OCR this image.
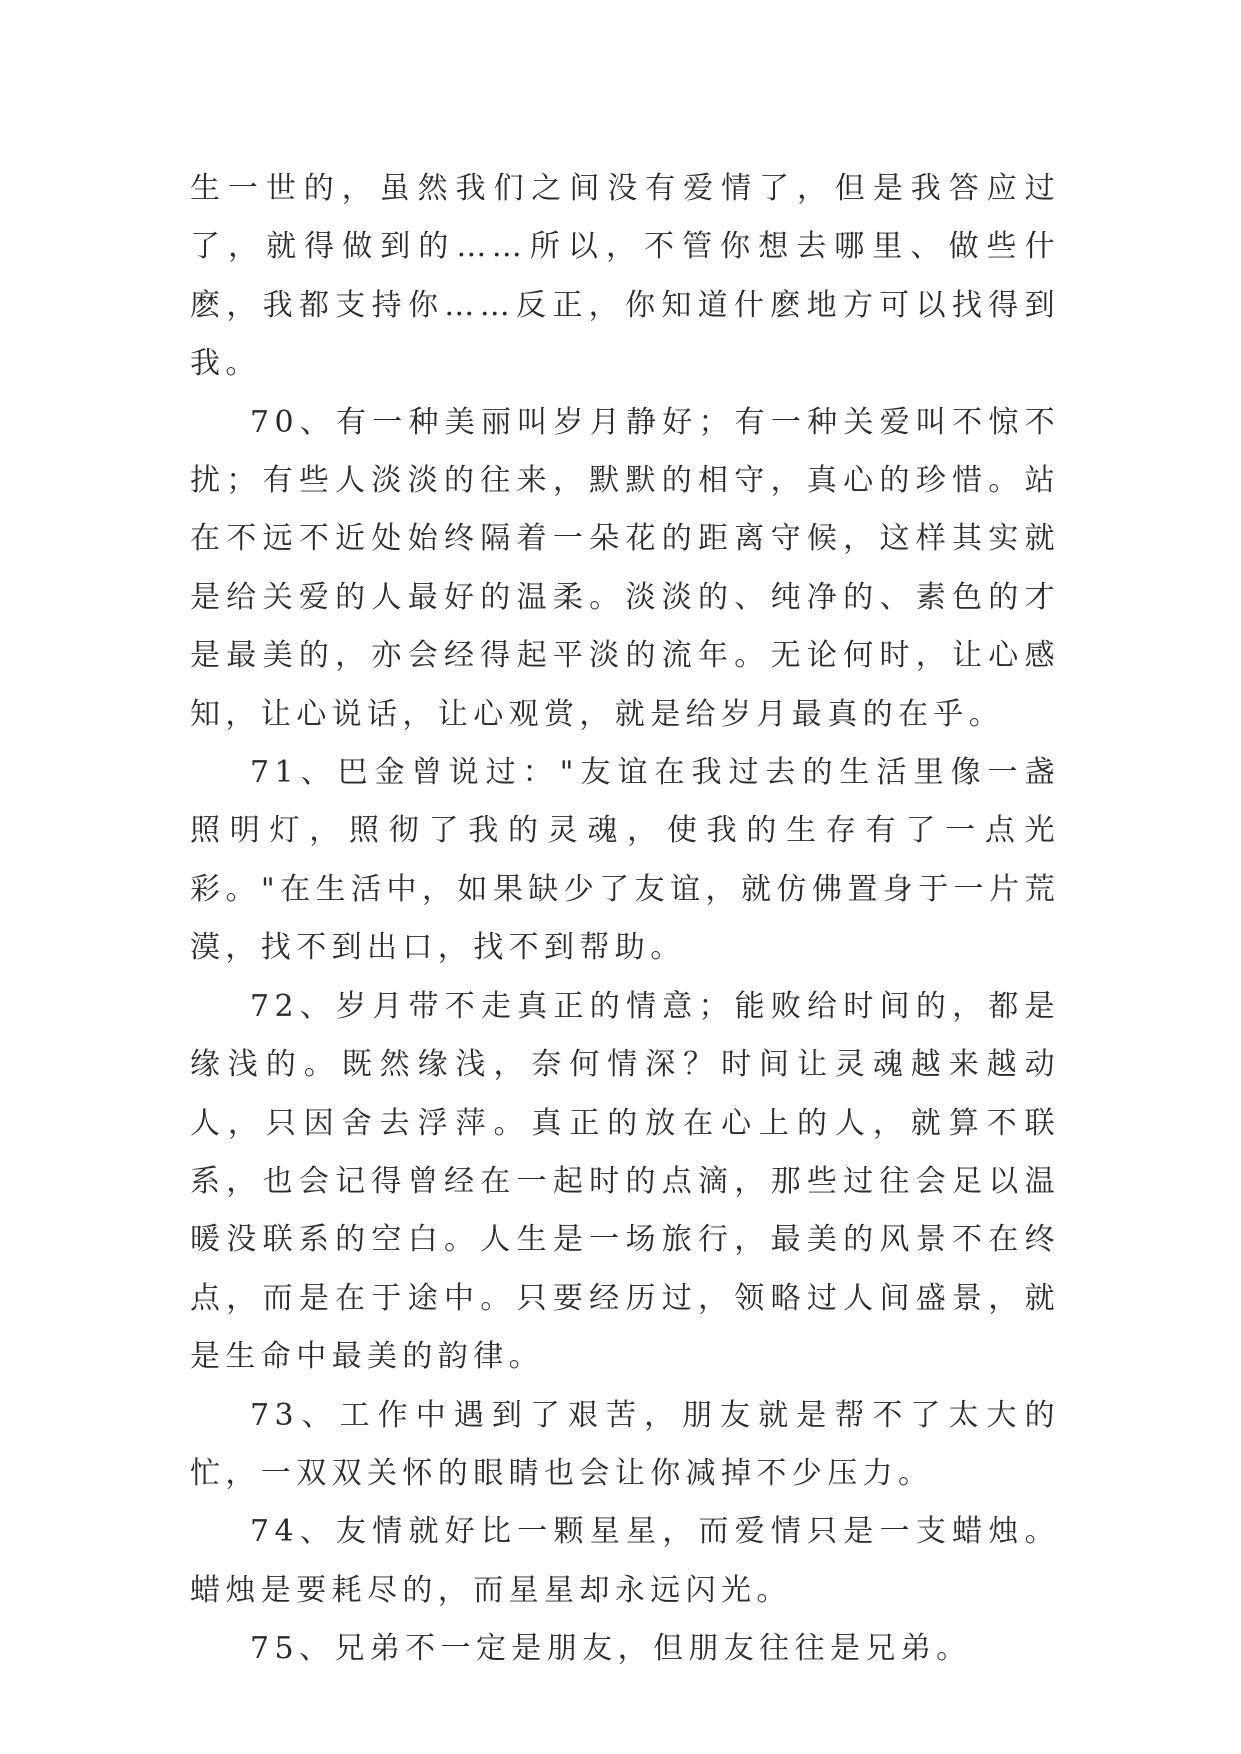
生一世的，虽然我们之间没有爱情了，但是我答应过了，就得做到的……所以，不管你想去哪里、做些什麽，我都支持你……反正，你知道什麽地方可以找得到我。

70、有一种美丽叫岁月静好；有一种关爱叫不惊不扰；有些人淡淡的往来，默默的相守，真心的珍惜。站在不远不近处始终隔着一朵花的距离守候，这样其实就是给关爱的人最好的温柔。淡淡的、纯净的、素色的才是最美的，亦会经得起平淡的流年。无论何时，让心感知，让心说话，让心观赏，就是给岁月最真的在乎。

71、巴金曾说过："友谊在我过去的生活里像一盏照明灯，照彻了我的灵魂，使我的生存有了一点光彩。"在生活中，如果缺少了友谊，就仿佛置身于一片荒漠，找不到出口，找不到帮助。

72、岁月带不走真正的情意；能败给时间的，都是缘浅的。既然缘浅，奈何情深？时间让灵魂越来越动人，只因舍去浮萍。真正的放在心上的人，就算不联系，也会记得曾经在一起时的点滴，那些过往会足以温暖没联系的空白。人生是一场旅行，最美的风景不在终点，而是在于途中。只要经历过，领略过人间盛景，就是生命中最美的韵律。

73、工作中遇到了艰苦，朋友就是帮不了太大的忙，一双双关怀的眼睛也会让你减掉不少压力。

74、友情就好比一颗星星，而爱情只是一支蜡烛。蜡烛是要耗尽的，而星星却永远闪光。

75、兄弟不一定是朋友，但朋友往往是兄弟。
